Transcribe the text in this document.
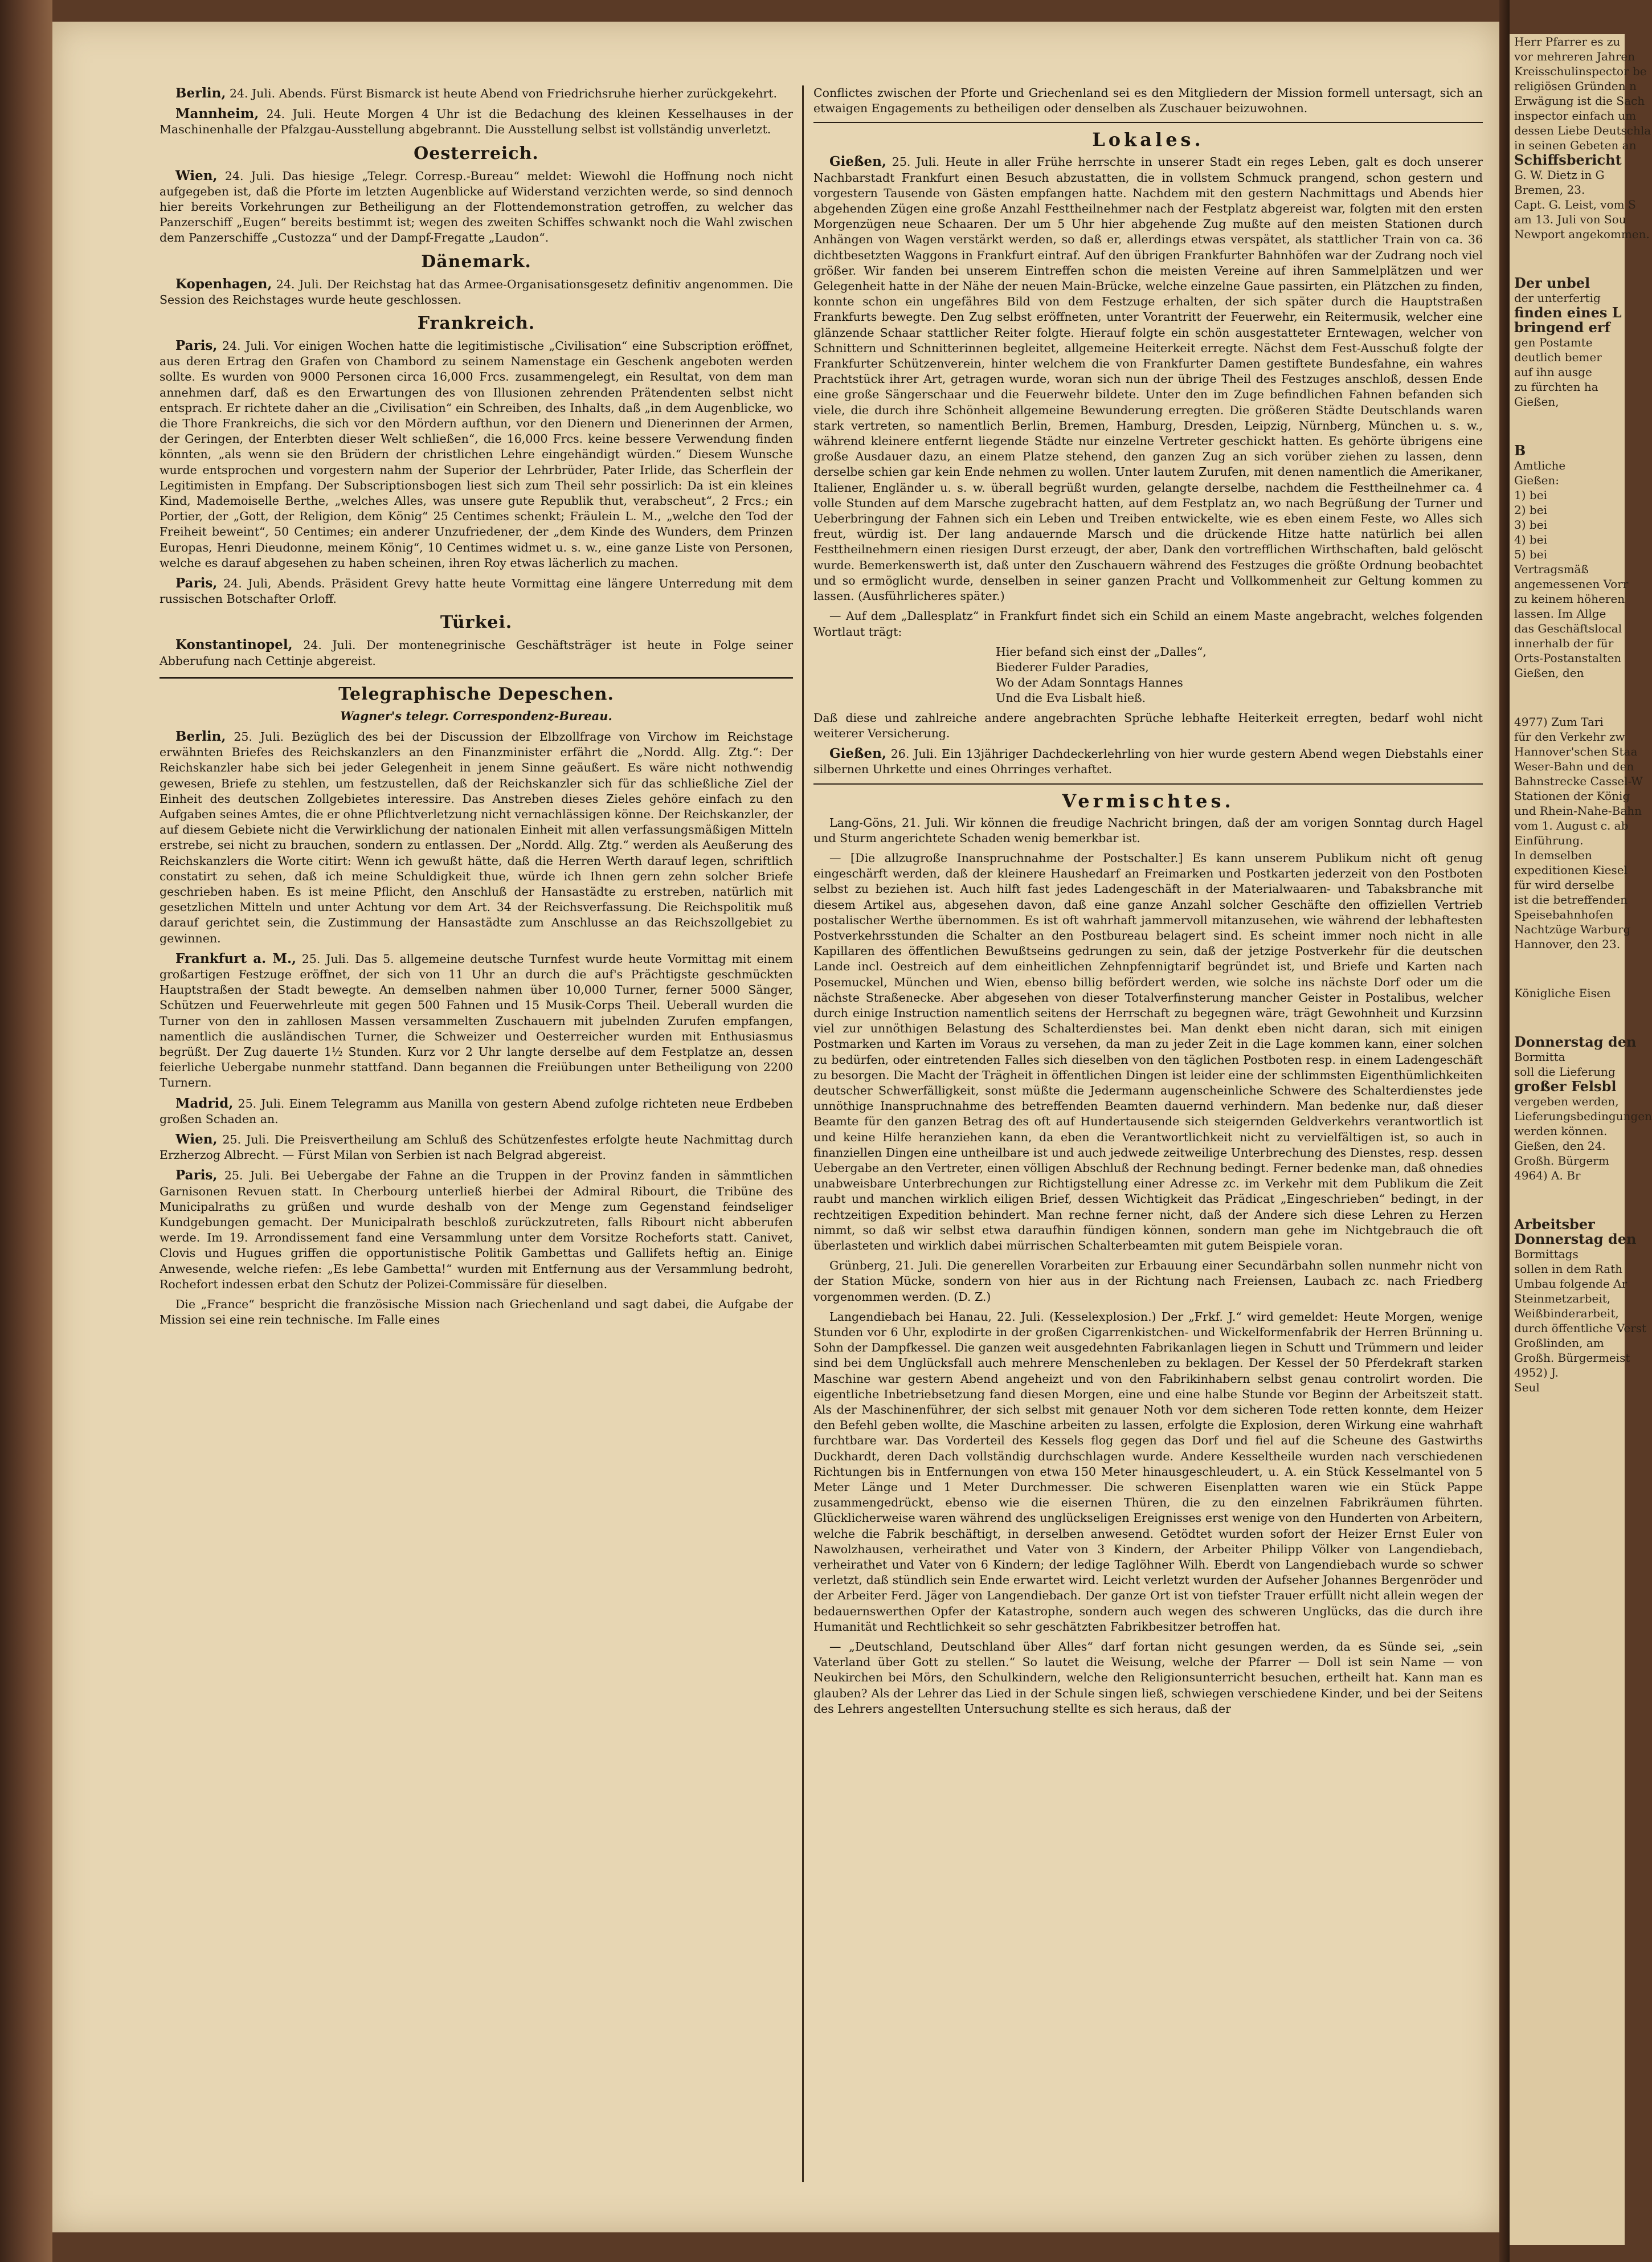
Berlin, 24. Juli. Abends. Fürst Bismarck ist heute Abend von Friedrichsruhe hierher zurückgekehrt.

Mannheim, 24. Juli. Heute Morgen 4 Uhr ist die Bedachung des kleinen Kesselhauses in der Maschinenhalle der Pfalzgau-Ausstellung abgebrannt. Die Ausstellung selbst ist vollständig unverletzt.

Oesterreich.

Wien, 24. Juli. Das hiesige „Telegr. Corresp.-Bureau“ meldet: Wiewohl die Hoffnung noch nicht aufgegeben ist, daß die Pforte im letzten Augenblicke auf Widerstand verzichten werde, so sind dennoch hier bereits Vorkehrungen zur Betheiligung an der Flottendemonstration getroffen, zu welcher das Panzerschiff „Eugen“ bereits bestimmt ist; wegen des zweiten Schiffes schwankt noch die Wahl zwischen dem Panzerschiffe „Custozza“ und der Dampf-Fregatte „Laudon“.

Dänemark.

Kopenhagen, 24. Juli. Der Reichstag hat das Armee-Organisationsgesetz definitiv angenommen. Die Session des Reichstages wurde heute geschlossen.

Frankreich.

Paris, 24. Juli. Vor einigen Wochen hatte die legitimistische „Civilisation“ eine Subscription eröffnet, aus deren Ertrag den Grafen von Chambord zu seinem Namenstage ein Geschenk angeboten werden sollte. Es wurden von 9000 Personen circa 16,000 Frcs. zusammengelegt, ein Resultat, von dem man annehmen darf, daß es den Erwartungen des von Illusionen zehrenden Prätendenten selbst nicht entsprach. Er richtete daher an die „Civilisation“ ein Schreiben, des Inhalts, daß „in dem Augenblicke, wo die Thore Frankreichs, die sich vor den Mördern aufthun, vor den Dienern und Dienerinnen der Armen, der Geringen, der Enterbten dieser Welt schließen“, die 16,000 Frcs. keine bessere Verwendung finden könnten, „als wenn sie den Brüdern der christlichen Lehre eingehändigt würden.“ Diesem Wunsche wurde entsprochen und vorgestern nahm der Superior der Lehrbrüder, Pater Irlide, das Scherflein der Legitimisten in Empfang. Der Subscriptionsbogen liest sich zum Theil sehr possirlich: Da ist ein kleines Kind, Mademoiselle Berthe, „welches Alles, was unsere gute Republik thut, verabscheut“, 2 Frcs.; ein Portier, der „Gott, der Religion, dem König“ 25 Centimes schenkt; Fräulein L. M., „welche den Tod der Freiheit beweint“, 50 Centimes; ein anderer Unzufriedener, der „dem Kinde des Wunders, dem Prinzen Europas, Henri Dieudonne, meinem König“, 10 Centimes widmet u. s. w., eine ganze Liste von Personen, welche es darauf abgesehen zu haben scheinen, ihren Roy etwas lächerlich zu machen.

Paris, 24. Juli, Abends. Präsident Grevy hatte heute Vormittag eine längere Unterredung mit dem russischen Botschafter Orloff.

Türkei.

Konstantinopel, 24. Juli. Der montenegrinische Geschäftsträger ist heute in Folge seiner Abberufung nach Cettinje abgereist.

Telegraphische Depeschen.
Wagner's telegr. Correspondenz-Bureau.

Berlin, 25. Juli. Bezüglich des bei der Discussion der Elbzollfrage von Virchow im Reichstage erwähnten Briefes des Reichskanzlers an den Finanzminister erfährt die „Nordd. Allg. Ztg.“: Der Reichskanzler habe sich bei jeder Gelegenheit in jenem Sinne geäußert. Es wäre nicht nothwendig gewesen, Briefe zu stehlen, um festzustellen, daß der Reichskanzler sich für das schließliche Ziel der Einheit des deutschen Zollgebietes interessire. Das Anstreben dieses Zieles gehöre einfach zu den Aufgaben seines Amtes, die er ohne Pflichtverletzung nicht vernachlässigen könne. Der Reichskanzler, der auf diesem Gebiete nicht die Verwirklichung der nationalen Einheit mit allen verfassungsmäßigen Mitteln erstrebe, sei nicht zu brauchen, sondern zu entlassen. Der „Nordd. Allg. Ztg.“ werden als Aeußerung des Reichskanzlers die Worte citirt: Wenn ich gewußt hätte, daß die Herren Werth darauf legen, schriftlich constatirt zu sehen, daß ich meine Schuldigkeit thue, würde ich Ihnen gern zehn solcher Briefe geschrieben haben. Es ist meine Pflicht, den Anschluß der Hansastädte zu erstreben, natürlich mit gesetzlichen Mitteln und unter Achtung vor dem Art. 34 der Reichsverfassung. Die Reichspolitik muß darauf gerichtet sein, die Zustimmung der Hansastädte zum Anschlusse an das Reichszollgebiet zu gewinnen.

Frankfurt a. M., 25. Juli. Das 5. allgemeine deutsche Turnfest wurde heute Vormittag mit einem großartigen Festzuge eröffnet, der sich von 11 Uhr an durch die auf's Prächtigste geschmückten Hauptstraßen der Stadt bewegte. An demselben nahmen über 10,000 Turner, ferner 5000 Sänger, Schützen und Feuerwehrleute mit gegen 500 Fahnen und 15 Musik-Corps Theil. Ueberall wurden die Turner von den in zahllosen Massen versammelten Zuschauern mit jubelnden Zurufen empfangen, namentlich die ausländischen Turner, die Schweizer und Oesterreicher wurden mit Enthusiasmus begrüßt. Der Zug dauerte 1½ Stunden. Kurz vor 2 Uhr langte derselbe auf dem Festplatze an, dessen feierliche Uebergabe nunmehr stattfand. Dann begannen die Freiübungen unter Betheiligung von 2200 Turnern.

Madrid, 25. Juli. Einem Telegramm aus Manilla von gestern Abend zufolge richteten neue Erdbeben großen Schaden an.

Wien, 25. Juli. Die Preisvertheilung am Schluß des Schützenfestes erfolgte heute Nachmittag durch Erzherzog Albrecht. — Fürst Milan von Serbien ist nach Belgrad abgereist.

Paris, 25. Juli. Bei Uebergabe der Fahne an die Truppen in der Provinz fanden in sämmtlichen Garnisonen Revuen statt. In Cherbourg unterließ hierbei der Admiral Ribourt, die Tribüne des Municipalraths zu grüßen und wurde deshalb von der Menge zum Gegenstand feindseliger Kundgebungen gemacht. Der Municipalrath beschloß zurückzutreten, falls Ribourt nicht abberufen werde. Im 19. Arrondissement fand eine Versammlung unter dem Vorsitze Rocheforts statt. Canivet, Clovis und Hugues griffen die opportunistische Politik Gambettas und Gallifets heftig an. Einige Anwesende, welche riefen: „Es lebe Gambetta!“ wurden mit Entfernung aus der Versammlung bedroht, Rochefort indessen erbat den Schutz der Polizei-Commissäre für dieselben.

Die „France“ bespricht die französische Mission nach Griechenland und sagt dabei, die Aufgabe der Mission sei eine rein technische. Im Falle eines

Conflictes zwischen der Pforte und Griechenland sei es den Mitgliedern der Mission formell untersagt, sich an etwaigen Engagements zu betheiligen oder denselben als Zuschauer beizuwohnen.

Lokales.

Gießen, 25. Juli. Heute in aller Frühe herrschte in unserer Stadt ein reges Leben, galt es doch unserer Nachbarstadt Frankfurt einen Besuch abzustatten, die in vollstem Schmuck prangend, schon gestern und vorgestern Tausende von Gästen empfangen hatte. Nachdem mit den gestern Nachmittags und Abends hier abgehenden Zügen eine große Anzahl Festtheilnehmer nach der Festplatz abgereist war, folgten mit den ersten Morgenzügen neue Schaaren. Der um 5 Uhr hier abgehende Zug mußte auf den meisten Stationen durch Anhängen von Wagen verstärkt werden, so daß er, allerdings etwas verspätet, als stattlicher Train von ca. 36 dichtbesetzten Waggons in Frankfurt eintraf. Auf den übrigen Frankfurter Bahnhöfen war der Zudrang noch viel größer. Wir fanden bei unserem Eintreffen schon die meisten Vereine auf ihren Sammelplätzen und wer Gelegenheit hatte in der Nähe der neuen Main-Brücke, welche einzelne Gaue passirten, ein Plätzchen zu finden, konnte schon ein ungefähres Bild von dem Festzuge erhalten, der sich später durch die Hauptstraßen Frankfurts bewegte. Den Zug selbst eröffneten, unter Vorantritt der Feuerwehr, ein Reitermusik, welcher eine glänzende Schaar stattlicher Reiter folgte. Hierauf folgte ein schön ausgestatteter Erntewagen, welcher von Schnittern und Schnitterinnen begleitet, allgemeine Heiterkeit erregte. Nächst dem Fest-Ausschuß folgte der Frankfurter Schützenverein, hinter welchem die von Frankfurter Damen gestiftete Bundesfahne, ein wahres Prachtstück ihrer Art, getragen wurde, woran sich nun der übrige Theil des Festzuges anschloß, dessen Ende eine große Sängerschaar und die Feuerwehr bildete. Unter den im Zuge befindlichen Fahnen befanden sich viele, die durch ihre Schönheit allgemeine Bewunderung erregten. Die größeren Städte Deutschlands waren stark vertreten, so namentlich Berlin, Bremen, Hamburg, Dresden, Leipzig, Nürnberg, München u. s. w., während kleinere entfernt liegende Städte nur einzelne Vertreter geschickt hatten. Es gehörte übrigens eine große Ausdauer dazu, an einem Platze stehend, den ganzen Zug an sich vorüber ziehen zu lassen, denn derselbe schien gar kein Ende nehmen zu wollen. Unter lautem Zurufen, mit denen namentlich die Amerikaner, Italiener, Engländer u. s. w. überall begrüßt wurden, gelangte derselbe, nachdem die Festtheilnehmer ca. 4 volle Stunden auf dem Marsche zugebracht hatten, auf dem Festplatz an, wo nach Begrüßung der Turner und Ueberbringung der Fahnen sich ein Leben und Treiben entwickelte, wie es eben einem Feste, wo Alles sich freut, würdig ist. Der lang andauernde Marsch und die drückende Hitze hatte natürlich bei allen Festtheilnehmern einen riesigen Durst erzeugt, der aber, Dank den vortrefflichen Wirthschaften, bald gelöscht wurde. Bemerkenswerth ist, daß unter den Zuschauern während des Festzuges die größte Ordnung beobachtet und so ermöglicht wurde, denselben in seiner ganzen Pracht und Vollkommenheit zur Geltung kommen zu lassen. (Ausführlicheres später.)

— Auf dem „Dallesplatz“ in Frankfurt findet sich ein Schild an einem Maste angebracht, welches folgenden Wortlaut trägt:

Hier befand sich einst der „Dalles“,
Biederer Fulder Paradies,
Wo der Adam Sonntags Hannes
Und die Eva Lisbalt hieß.

Daß diese und zahlreiche andere angebrachten Sprüche lebhafte Heiterkeit erregten, bedarf wohl nicht weiterer Versicherung.

Gießen, 26. Juli. Ein 13jähriger Dachdeckerlehrling von hier wurde gestern Abend wegen Diebstahls einer silbernen Uhrkette und eines Ohrringes verhaftet.

Vermischtes.

Lang-Göns, 21. Juli. Wir können die freudige Nachricht bringen, daß der am vorigen Sonntag durch Hagel und Sturm angerichtete Schaden wenig bemerkbar ist.

— [Die allzugroße Inanspruchnahme der Postschalter.] Es kann unserem Publikum nicht oft genug eingeschärft werden, daß der kleinere Haushedarf an Freimarken und Postkarten jederzeit von den Postboten selbst zu beziehen ist. Auch hilft fast jedes Ladengeschäft in der Materialwaaren- und Tabaksbranche mit diesem Artikel aus, abgesehen davon, daß eine ganze Anzahl solcher Geschäfte den offiziellen Vertrieb postalischer Werthe übernommen. Es ist oft wahrhaft jammervoll mitanzusehen, wie während der lebhaftesten Postverkehrsstunden die Schalter an den Postbureau belagert sind. Es scheint immer noch nicht in alle Kapillaren des öffentlichen Bewußtseins gedrungen zu sein, daß der jetzige Postverkehr für die deutschen Lande incl. Oestreich auf dem einheitlichen Zehnpfennigtarif begründet ist, und Briefe und Karten nach Posemuckel, München und Wien, ebenso billig befördert werden, wie solche ins nächste Dorf oder um die nächste Straßenecke. Aber abgesehen von dieser Totalverfinsterung mancher Geister in Postalibus, welcher durch einige Instruction namentlich seitens der Herrschaft zu begegnen wäre, trägt Gewohnheit und Kurzsinn viel zur unnöthigen Belastung des Schalterdienstes bei. Man denkt eben nicht daran, sich mit einigen Postmarken und Karten im Voraus zu versehen, da man zu jeder Zeit in die Lage kommen kann, einer solchen zu bedürfen, oder eintretenden Falles sich dieselben von den täglichen Postboten resp. in einem Ladengeschäft zu besorgen. Die Macht der Trägheit in öffentlichen Dingen ist leider eine der schlimmsten Eigenthümlichkeiten deutscher Schwerfälligkeit, sonst müßte die Jedermann augenscheinliche Schwere des Schalterdienstes jede unnöthige Inanspruchnahme des betreffenden Beamten dauernd verhindern. Man bedenke nur, daß dieser Beamte für den ganzen Betrag des oft auf Hundertausende sich steigernden Geldverkehrs verantwortlich ist und keine Hilfe heranziehen kann, da eben die Verantwortlichkeit nicht zu vervielfältigen ist, so auch in finanziellen Dingen eine untheilbare ist und auch jedwede zeitweilige Unterbrechung des Dienstes, resp. dessen Uebergabe an den Vertreter, einen völligen Abschluß der Rechnung bedingt. Ferner bedenke man, daß ohnedies unabweisbare Unterbrechungen zur Richtigstellung einer Adresse zc. im Verkehr mit dem Publikum die Zeit raubt und manchen wirklich eiligen Brief, dessen Wichtigkeit das Prädicat „Eingeschrieben“ bedingt, in der rechtzeitigen Expedition behindert. Man rechne ferner nicht, daß der Andere sich diese Lehren zu Herzen nimmt, so daß wir selbst etwa daraufhin fündigen können, sondern man gehe im Nichtgebrauch die oft überlasteten und wirklich dabei mürrischen Schalterbeamten mit gutem Beispiele voran.

Grünberg, 21. Juli. Die generellen Vorarbeiten zur Erbauung einer Secundärbahn sollen nunmehr nicht von der Station Mücke, sondern von hier aus in der Richtung nach Freiensen, Laubach zc. nach Friedberg vorgenommen werden. (D. Z.)

Langendiebach bei Hanau, 22. Juli. (Kesselexplosion.) Der „Frkf. J.“ wird gemeldet: Heute Morgen, wenige Stunden vor 6 Uhr, explodirte in der großen Cigarrenkistchen- und Wickelformenfabrik der Herren Brünning u. Sohn der Dampfkessel. Die ganzen weit ausgedehnten Fabrikanlagen liegen in Schutt und Trümmern und leider sind bei dem Unglücksfall auch mehrere Menschenleben zu beklagen. Der Kessel der 50 Pferdekraft starken Maschine war gestern Abend angeheizt und von den Fabrikinhabern selbst genau controlirt worden. Die eigentliche Inbetriebsetzung fand diesen Morgen, eine und eine halbe Stunde vor Beginn der Arbeitszeit statt. Als der Maschinenführer, der sich selbst mit genauer Noth vor dem sicheren Tode retten konnte, dem Heizer den Befehl geben wollte, die Maschine arbeiten zu lassen, erfolgte die Explosion, deren Wirkung eine wahrhaft furchtbare war. Das Vorderteil des Kessels flog gegen das Dorf und fiel auf die Scheune des Gastwirths Duckhardt, deren Dach vollständig durchschlagen wurde. Andere Kesseltheile wurden nach verschiedenen Richtungen bis in Entfernungen von etwa 150 Meter hinausgeschleudert, u. A. ein Stück Kesselmantel von 5 Meter Länge und 1 Meter Durchmesser. Die schweren Eisenplatten waren wie ein Stück Pappe zusammengedrückt, ebenso wie die eisernen Thüren, die zu den einzelnen Fabrikräumen führten. Glücklicherweise waren während des unglückseligen Ereignisses erst wenige von den Hunderten von Arbeitern, welche die Fabrik beschäftigt, in derselben anwesend. Getödtet wurden sofort der Heizer Ernst Euler von Nawolzhausen, verheirathet und Vater von 3 Kindern, der Arbeiter Philipp Völker von Langendiebach, verheirathet und Vater von 6 Kindern; der ledige Taglöhner Wilh. Eberdt von Langendiebach wurde so schwer verletzt, daß stündlich sein Ende erwartet wird. Leicht verletzt wurden der Aufseher Johannes Bergenröder und der Arbeiter Ferd. Jäger von Langendiebach. Der ganze Ort ist von tiefster Trauer erfüllt nicht allein wegen der bedauernswerthen Opfer der Katastrophe, sondern auch wegen des schweren Unglücks, das die durch ihre Humanität und Rechtlichkeit so sehr geschätzten Fabrikbesitzer betroffen hat.

— „Deutschland, Deutschland über Alles“ darf fortan nicht gesungen werden, da es Sünde sei, „sein Vaterland über Gott zu stellen.“ So lautet die Weisung, welche der Pfarrer — Doll ist sein Name — von Neukirchen bei Mörs, den Schulkindern, welche den Religionsunterricht besuchen, ertheilt hat. Kann man es glauben? Als der Lehrer das Lied in der Schule singen ließ, schwiegen verschiedene Kinder, und bei der Seitens des Lehrers angestellten Untersuchung stellte es sich heraus, daß der

Herr Pfarrer es zu
vor mehreren Jahren
Kreisschulinspector be
religiösen Gründen n
Erwägung ist die Sach
inspector einfach um
dessen Liebe Deutschla
in seinen Gebeten an
Schiffsbericht
G. W. Dietz in G
Bremen, 23.
Capt. G. Leist, vom S
am 13. Juli von Sou
Newport angekommen.
Der unbel
der unterfertig
finden eines L
bringend erf
gen Postamte
deutlich bemer
auf ihn ausge
zu fürchten ha
Gießen,
B
Amtliche
Gießen:
1) bei
2) bei
3) bei
4) bei
5) bei
Vertragsmäß
angemessenen Vorr
zu keinem höheren
lassen. Im Allge
das Geschäftslocal
innerhalb der für
Orts-Postanstalten
Gießen, den
4977) Zum Tari
für den Verkehr zw
Hannover'schen Staa
Weser-Bahn und den
Bahnstrecke Cassel-W
Stationen der König
und Rhein-Nahe-Bahn
vom 1. August c. ab
Einführung.
In demselben
expeditionen Kiesel
für wird derselbe
ist die betreffenden
Speisebahnhofen
Nachtzüge Warburg
Hannover, den 23.
Königliche Eisen
Donnerstag den
Bormitta
soll die Lieferung
großer Felsbl
vergeben werden,
Lieferungsbedingungen
werden können.
Gießen, den 24.
Großh. Bürgerm
4964) A. Br
Arbeitsber
Donnerstag den
Bormittags
sollen in dem Rath
Umbau folgende Ar
Steinmetzarbeit,
Weißbinderarbeit,
durch öffentliche Verst
Großlinden, am
Großh. Bürgermeist
4952) J.
Seul
